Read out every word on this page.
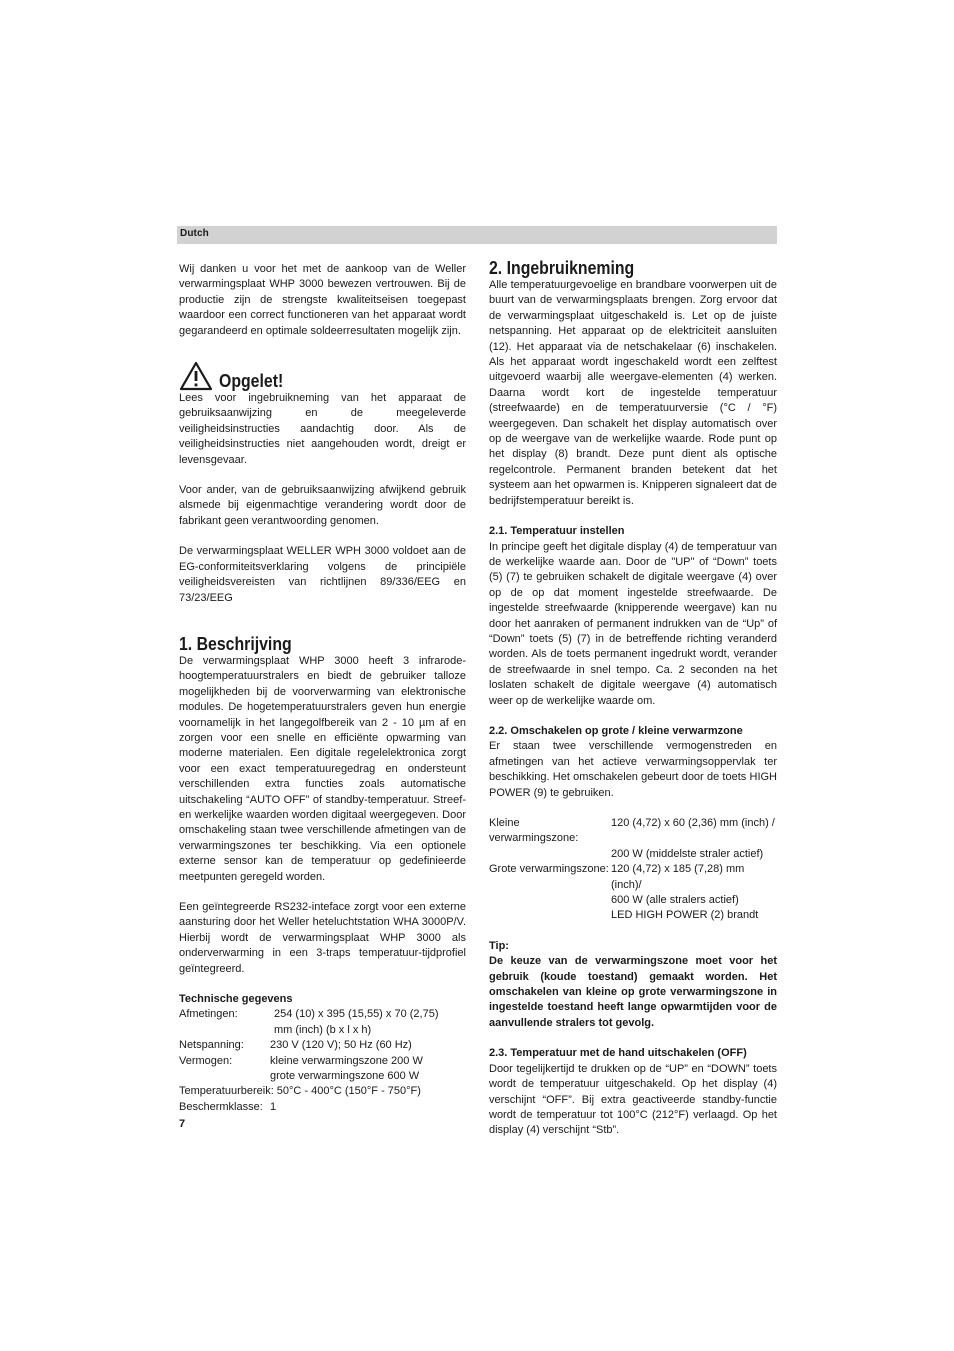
Dutch

Wij danken u voor het met de aankoop van de Weller verwarmingsplaat WHP 3000 bewezen vertrouwen. Bij de productie zijn de strengste kwaliteitseisen toegepast waardoor een correct functioneren van het apparaat wordt gegarandeerd en optimale soldeerresultaten mogelijk zijn.

Opgelet!

Lees voor ingebruikneming van het apparaat de gebruiksaanwijzing en de meegeleverde veiligheidsinstructies aandachtig door. Als de veiligheidsinstructies niet aangehouden wordt, dreigt er levensgevaar.

Voor ander, van de gebruiksaanwijzing afwijkend gebruik alsmede bij eigenmachtige verandering wordt door de fabrikant geen verantwoording genomen.

De verwarmingsplaat WELLER WPH 3000 voldoet aan de EG-conformiteitsverklaring volgens de principiële veiligheidsvereisten van richtlijnen 89/336/EEG en 73/23/EEG

1. Beschrijving

De verwarmingsplaat WHP 3000 heeft 3 infrarode-hoogtemperatuurstralers en biedt de gebruiker talloze mogelijkheden bij de voorverwarming van elektronische modules. De hogetemperatuurstralers geven hun energie voornamelijk in het langegolfbereik van 2 - 10 µm af en zorgen voor een snelle en efficiënte opwarming van moderne materialen. Een digitale regelelektronica zorgt voor een exact temperatuuregedrag en ondersteunt verschillenden extra functies zoals automatische uitschakeling “AUTO OFF” of standby-temperatuur. Streef- en werkelijke waarden worden digitaal weergegeven. Door omschakeling staan twee verschillende afmetingen van de verwarmingszones ter beschikking. Via een optionele externe sensor kan de temperatuur op gedefinieerde meetpunten geregeld worden.

Een geïntegreerde RS232-inteface zorgt voor een externe aansturing door het Weller heteluchtstation WHA 3000P/V. Hierbij wordt de verwarmingsplaat WHP 3000 als onderverwarming in een 3-traps temperatuur-tijdprofiel geïntegreerd.

Technische gegevens
Afmetingen:	254 (10) x 395 (15,55) x 70 (2,75)
mm (inch) (b x l x h)
Netspanning:	230 V (120 V); 50 Hz (60 Hz)
Vermogen:	kleine verwarmingszone 200 W
grote verwarmingszone 600 W
Temperatuurbereik: 50°C - 400°C (150°F - 750°F)
Beschermklasse: 1
2. Ingebruikneming

Alle temperatuurgevoelige en brandbare voorwerpen uit de buurt van de verwarmingsplaats brengen. Zorg ervoor dat de verwarmingsplaat uitgeschakeld is. Let op de juiste netspanning. Het apparaat op de elektriciteit aansluiten (12). Het apparaat via de netschakelaar (6) inschakelen. Als het apparaat wordt ingeschakeld wordt een zelftest uitgevoerd waarbij alle weergave-elementen (4) werken. Daarna wordt kort de ingestelde temperatuur (streefwaarde) en de temperatuurversie (°C / °F) weergegeven. Dan schakelt het display automatisch over op de weergave van de werkelijke waarde. Rode punt op het display (8) brandt. Deze punt dient als optische regelcontrole. Permanent branden betekent dat het systeem aan het opwarmen is. Knipperen signaleert dat de bedrijfstemperatuur bereikt is.

2.1. Temperatuur instellen

In principe geeft het digitale display (4) de temperatuur van de werkelijke waarde aan. Door de "UP" of “Down” toets (5) (7) te gebruiken schakelt de digitale weergave (4) over op de op dat moment ingestelde streefwaarde. De ingestelde streefwaarde (knipperende weergave) kan nu door het aanraken of permanent indrukken van de “Up” of “Down” toets (5) (7) in de betreffende richting veranderd worden. Als de toets permanent ingedrukt wordt, verander de streefwaarde in snel tempo. Ca. 2 seconden na het loslaten schakelt de digitale weergave (4) automatisch weer op de werkelijke waarde om.

2.2. Omschakelen op grote / kleine verwarmzone

Er staan twee verschillende vermogenstreden en afmetingen van het actieve verwarmingsoppervlak ter beschikking. Het omschakelen gebeurt door de toets HIGH POWER (9) te gebruiken.

Kleine verwarmingszone:
120 (4,72) x 60 (2,36) mm (inch) /
200 W (middelste straler actief)
Grote verwarmingszone: 120 (4,72) x 185 (7,28) mm (inch)/
600 W (alle stralers actief)
LED HIGH POWER (2) brandt
Tip:

De keuze van de verwarmingszone moet voor het gebruik (koude toestand) gemaakt worden. Het omschakelen van kleine op grote verwarmingszone in ingestelde toestand heeft lange opwarmtijden voor de aanvullende stralers tot gevolg.

2.3. Temperatuur met de hand uitschakelen (OFF)

Door tegelijkertijd te drukken op de “UP” en “DOWN” toets wordt de temperatuur uitgeschakeld. Op het display (4) verschijnt “OFF”. Bij extra geactiveerde standby-functie wordt de temperatuur tot 100°C (212°F) verlaagd. Op het display (4) verschijnt “Stb”.

7
